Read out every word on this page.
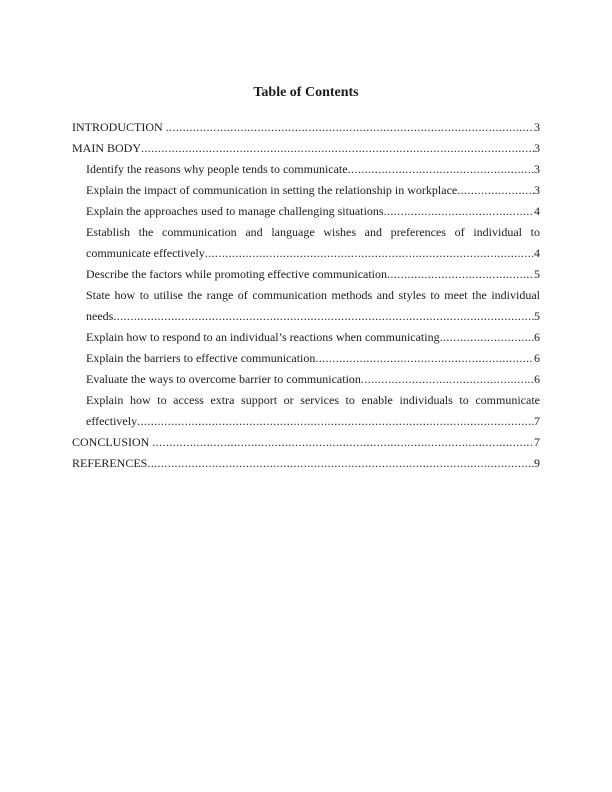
Table of Contents
INTRODUCTION .....	3
MAIN BODY .....	3
Identify the reasons why people tends to communicate .....	3
Explain the impact of communication in setting the relationship in workplace .....	3
Explain the approaches used to manage challenging situations .....	4
Establish the communication and language wishes and preferences of individual to
communicate effectively .....	4
Describe the factors while promoting effective communication .....	5
State how to utilise the range of communication methods and styles to meet the individual
needs .....	5
Explain how to respond to an individual’s reactions when communicating .....	6
Explain the barriers to effective communication .....	6
Evaluate the ways to overcome barrier to communication .....	6
Explain how to access extra support or services to enable individuals to communicate
effectively .....	7
CONCLUSION .....	7
REFERENCES .....	9
